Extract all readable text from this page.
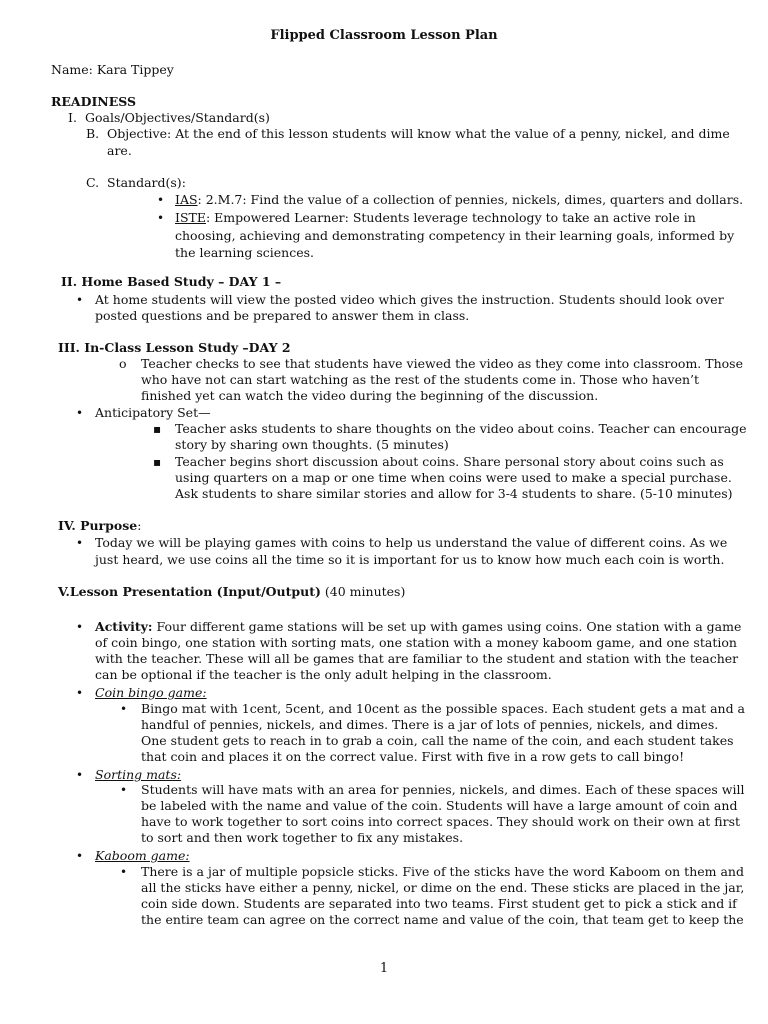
Flipped Classroom Lesson Plan
Name: Kara Tippey
READINESS
I. Goals/Objectives/Standard(s)
B. Objective: At the end of this lesson students will know what the value of a penny, nickel, and dime
are.
C. Standard(s):
• IAS: 2.M.7: Find the value of a collection of pennies, nickels, dimes, quarters and dollars.
• ISTE: Empowered Learner: Students leverage technology to take an active role in
choosing, achieving and demonstrating competency in their learning goals, informed by
the learning sciences.
II. Home Based Study – DAY 1 –
• At home students will view the posted video which gives the instruction. Students should look over
posted questions and be prepared to answer them in class.
III. In-Class Lesson Study –DAY 2
o Teacher checks to see that students have viewed the video as they come into classroom. Those
who have not can start watching as the rest of the students come in. Those who haven’t
finished yet can watch the video during the beginning of the discussion.
• Anticipatory Set—
▪ Teacher asks students to share thoughts on the video about coins. Teacher can encourage
story by sharing own thoughts. (5 minutes)
▪ Teacher begins short discussion about coins. Share personal story about coins such as
using quarters on a map or one time when coins were used to make a special purchase.
Ask students to share similar stories and allow for 3-4 students to share. (5-10 minutes)
IV. Purpose:
• Today we will be playing games with coins to help us understand the value of different coins. As we
just heard, we use coins all the time so it is important for us to know how much each coin is worth.
V.Lesson Presentation (Input/Output) (40 minutes)
• Activity: Four different game stations will be set up with games using coins. One station with a game
of coin bingo, one station with sorting mats, one station with a money kaboom game, and one station
with the teacher. These will all be games that are familiar to the student and station with the teacher
can be optional if the teacher is the only adult helping in the classroom.
• Coin bingo game:
• Bingo mat with 1cent, 5cent, and 10cent as the possible spaces. Each student gets a mat and a
handful of pennies, nickels, and dimes. There is a jar of lots of pennies, nickels, and dimes.
One student gets to reach in to grab a coin, call the name of the coin, and each student takes
that coin and places it on the correct value. First with five in a row gets to call bingo!
• Sorting mats:
• Students will have mats with an area for pennies, nickels, and dimes. Each of these spaces will
be labeled with the name and value of the coin. Students will have a large amount of coin and
have to work together to sort coins into correct spaces. They should work on their own at first
to sort and then work together to fix any mistakes.
• Kaboom game:
• There is a jar of multiple popsicle sticks. Five of the sticks have the word Kaboom on them and
all the sticks have either a penny, nickel, or dime on the end. These sticks are placed in the jar,
coin side down. Students are separated into two teams. First student get to pick a stick and if
the entire team can agree on the correct name and value of the coin, that team get to keep the
1
